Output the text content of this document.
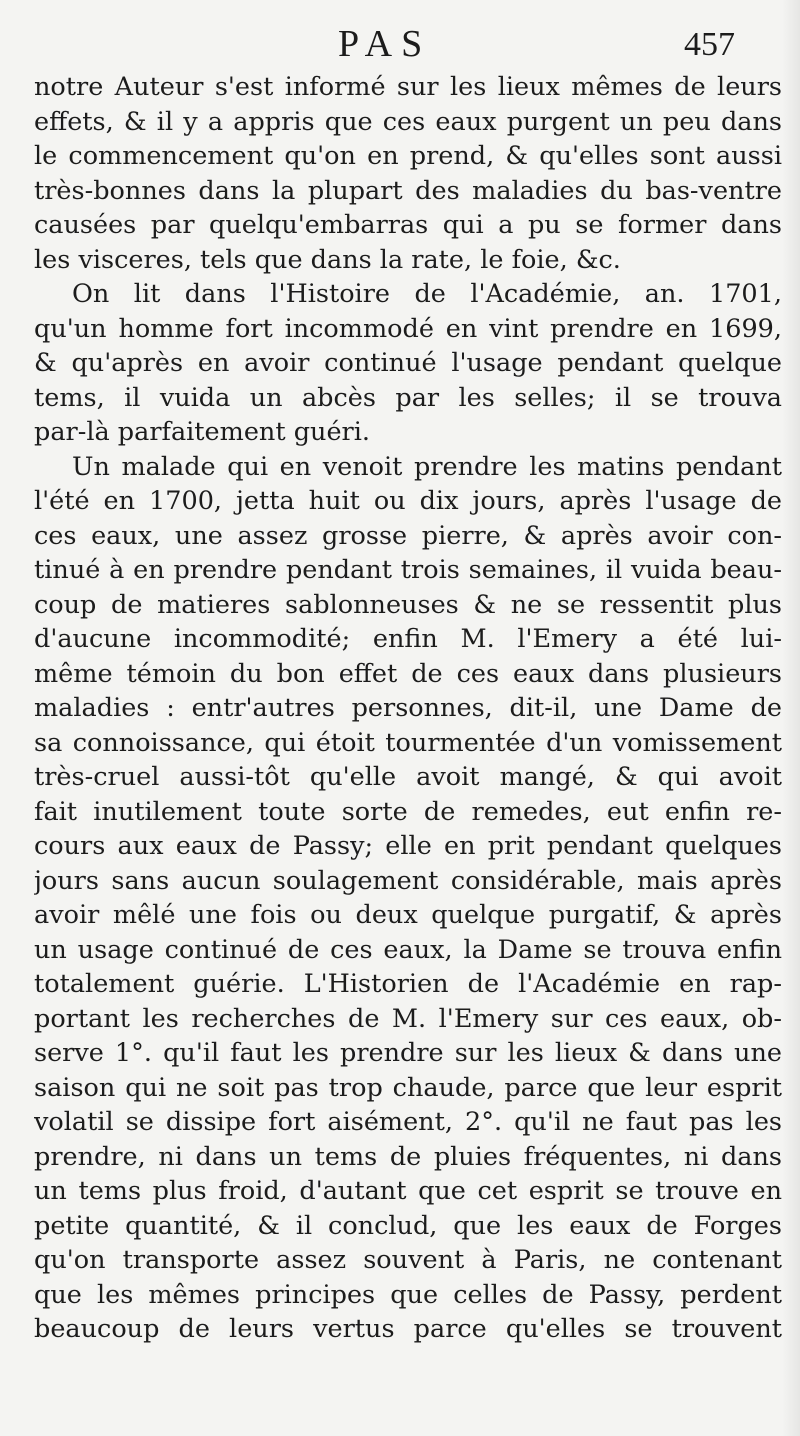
PAS	457
notre Auteur s'est informé sur les lieux mêmes de leurs
effets, & il y a appris que ces eaux purgent un peu dans
le commencement qu'on en prend, & qu'elles sont aussi
très-bonnes dans la plupart des maladies du bas-ventre
causées par quelqu'embarras qui a pu se former dans
les visceres, tels que dans la rate, le foie, &c.
On lit dans l'Histoire de l'Académie, an. 1701,
qu'un homme fort incommodé en vint prendre en 1699,
& qu'après en avoir continué l'usage pendant quelque
tems, il vuida un abcès par les selles; il se trouva
par-là parfaitement guéri.
Un malade qui en venoit prendre les matins pendant
l'été en 1700, jetta huit ou dix jours, après l'usage de
ces eaux, une assez grosse pierre, & après avoir con-
tinué à en prendre pendant trois semaines, il vuida beau-
coup de matieres sablonneuses & ne se ressentit plus
d'aucune incommodité; enfin M. l'Emery a été lui-
même témoin du bon effet de ces eaux dans plusieurs
maladies : entr'autres personnes, dit-il, une Dame de
sa connoissance, qui étoit tourmentée d'un vomissement
très-cruel aussi-tôt qu'elle avoit mangé, & qui avoit
fait inutilement toute sorte de remedes, eut enfin re-
cours aux eaux de Passy; elle en prit pendant quelques
jours sans aucun soulagement considérable, mais après
avoir mêlé une fois ou deux quelque purgatif, & après
un usage continué de ces eaux, la Dame se trouva enfin
totalement guérie. L'Historien de l'Académie en rap-
portant les recherches de M. l'Emery sur ces eaux, ob-
serve 1°. qu'il faut les prendre sur les lieux & dans une
saison qui ne soit pas trop chaude, parce que leur esprit
volatil se dissipe fort aisément, 2°. qu'il ne faut pas les
prendre, ni dans un tems de pluies fréquentes, ni dans
un tems plus froid, d'autant que cet esprit se trouve en
petite quantité, & il conclud, que les eaux de Forges
qu'on transporte assez souvent à Paris, ne contenant
que les mêmes principes que celles de Passy, perdent
beaucoup de leurs vertus parce qu'elles se trouvent
